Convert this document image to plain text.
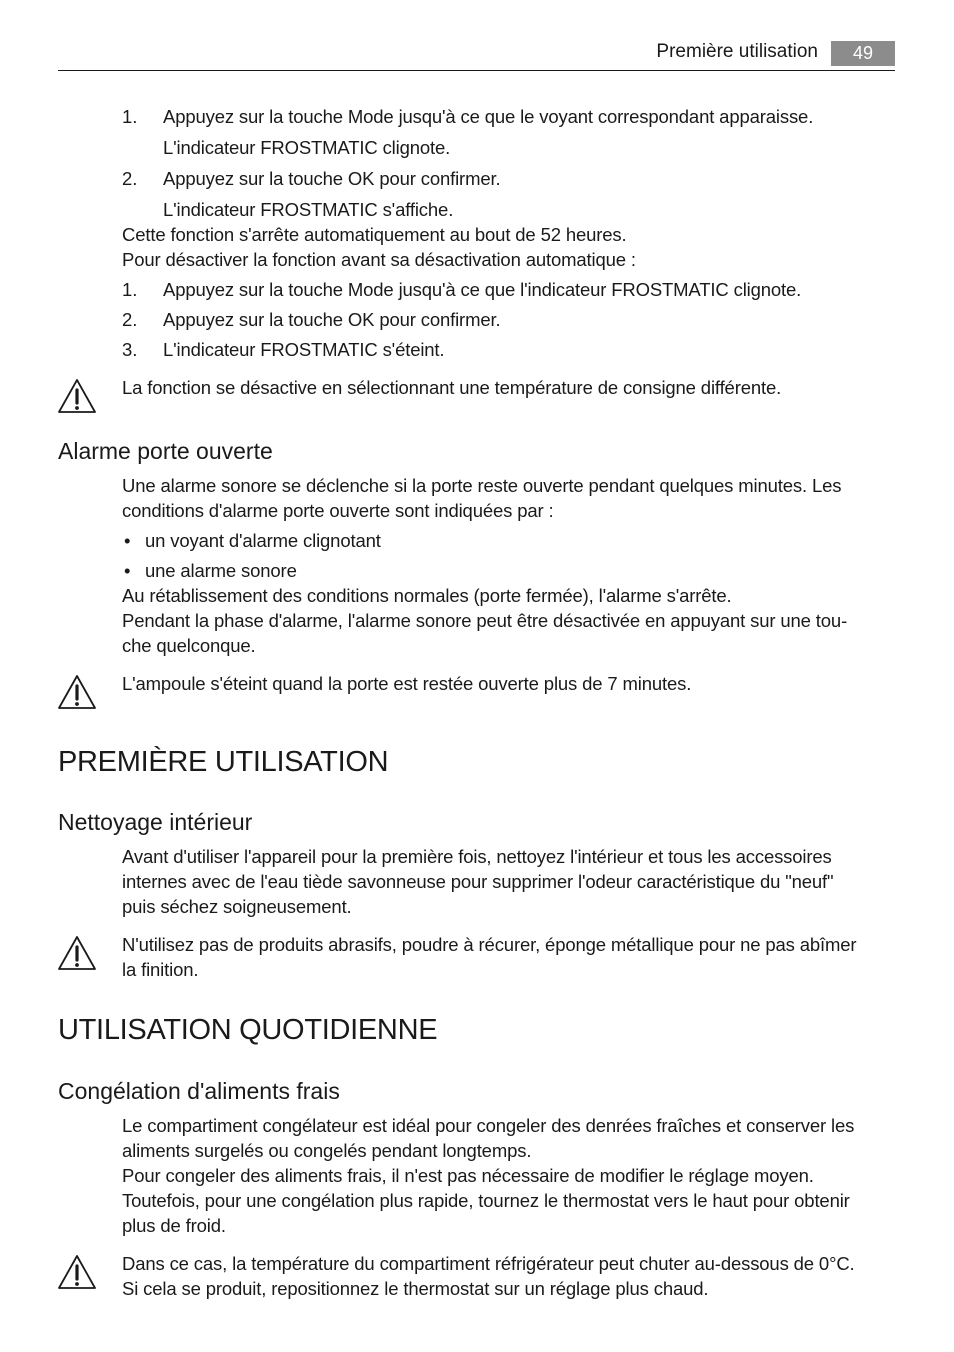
Première utilisation	49
1. Appuyez sur la touche Mode jusqu'à ce que le voyant correspondant apparaisse.
L'indicateur FROSTMATIC clignote.
2. Appuyez sur la touche OK pour confirmer.
L'indicateur FROSTMATIC s'affiche.
Cette fonction s'arrête automatiquement au bout de 52 heures.
Pour désactiver la fonction avant sa désactivation automatique :
1. Appuyez sur la touche Mode jusqu'à ce que l'indicateur FROSTMATIC clignote.
2. Appuyez sur la touche OK pour confirmer.
3. L'indicateur FROSTMATIC s'éteint.
La fonction se désactive en sélectionnant une température de consigne différente.
Alarme porte ouverte
Une alarme sonore se déclenche si la porte reste ouverte pendant quelques minutes. Les
conditions d'alarme porte ouverte sont indiquées par :
• un voyant d'alarme clignotant
• une alarme sonore
Au rétablissement des conditions normales (porte fermée), l'alarme s'arrête.
Pendant la phase d'alarme, l'alarme sonore peut être désactivée en appuyant sur une tou-
che quelconque.
L'ampoule s'éteint quand la porte est restée ouverte plus de 7 minutes.
PREMIÈRE UTILISATION
Nettoyage intérieur
Avant d'utiliser l'appareil pour la première fois, nettoyez l'intérieur et tous les accessoires
internes avec de l'eau tiède savonneuse pour supprimer l'odeur caractéristique du "neuf"
puis séchez soigneusement.
N'utilisez pas de produits abrasifs, poudre à récurer, éponge métallique pour ne pas abîmer
la finition.
UTILISATION QUOTIDIENNE
Congélation d'aliments frais
Le compartiment congélateur est idéal pour congeler des denrées fraîches et conserver les
aliments surgelés ou congelés pendant longtemps.
Pour congeler des aliments frais, il n'est pas nécessaire de modifier le réglage moyen.
Toutefois, pour une congélation plus rapide, tournez le thermostat vers le haut pour obtenir
plus de froid.
Dans ce cas, la température du compartiment réfrigérateur peut chuter au-dessous de 0°C.
Si cela se produit, repositionnez le thermostat sur un réglage plus chaud.
